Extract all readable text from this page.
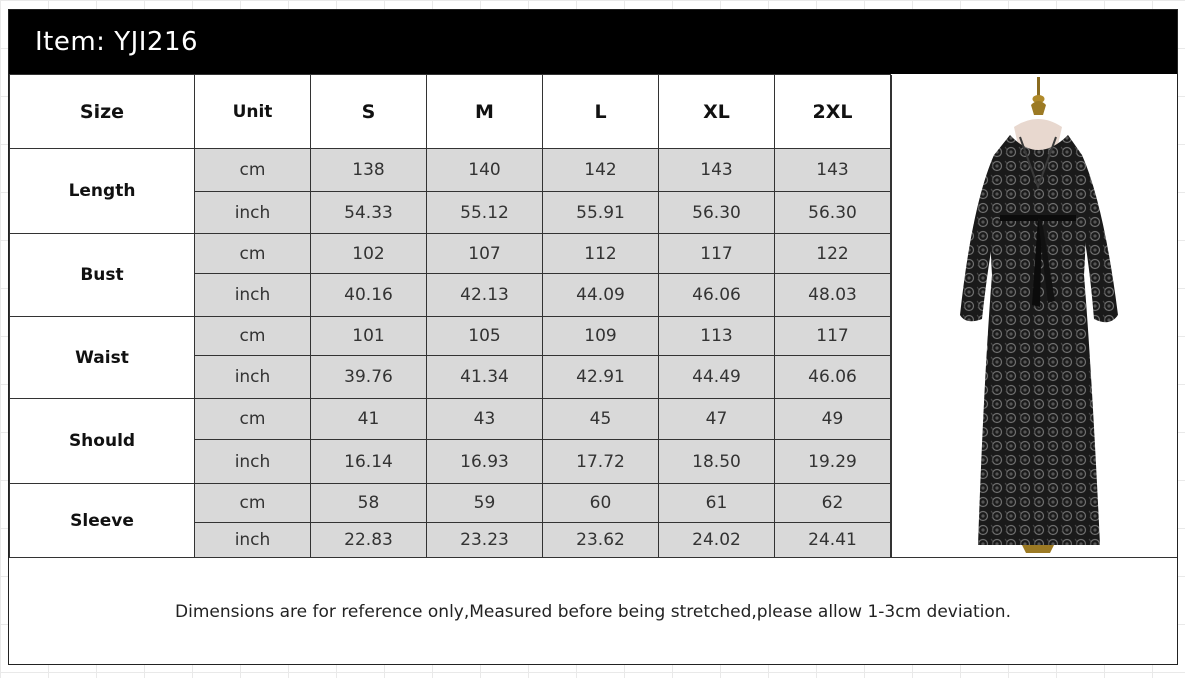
Item: YJI216
Size	Unit	S	M	L	XL	2XL
Length	cm	138	140	142	143	143
	inch	54.33	55.12	55.91	56.30	56.30
Bust	cm	102	107	112	117	122
	inch	40.16	42.13	44.09	46.06	48.03
Waist	cm	101	105	109	113	117
	inch	39.76	41.34	42.91	44.49	46.06
Should	cm	41	43	45	47	49
	inch	16.14	16.93	17.72	18.50	19.29
Sleeve	cm	58	59	60	61	62
	inch	22.83	23.23	23.62	24.02	24.41
Dimensions are for reference only,Measured before being stretched,please allow 1-3cm deviation.
